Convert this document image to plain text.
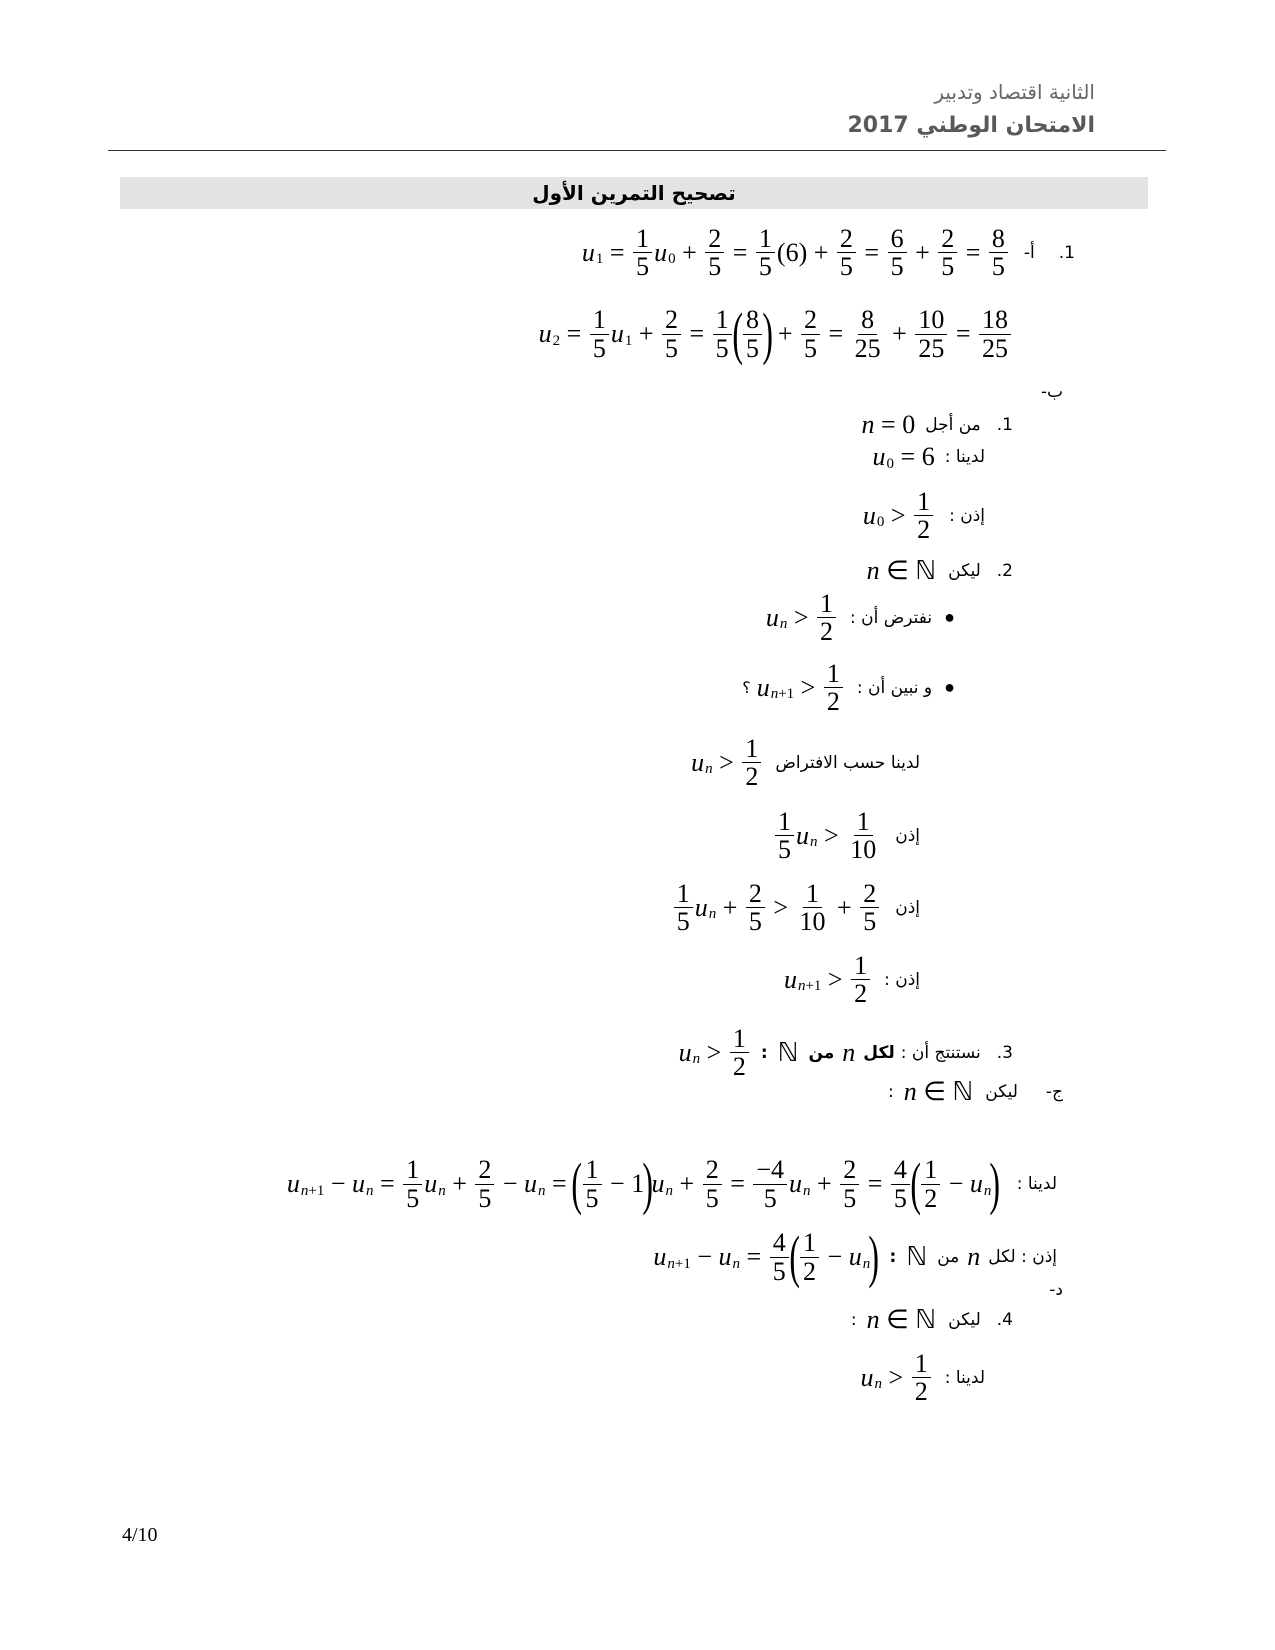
الثانية اقتصاد وتدبير
الامتحان الوطني 2017
تصحيح التمرين الأول
u $1 = \frac{1}{5}$ u $0 + \frac{2}{5} = \frac{1}{5} (6) + \frac{2}{5} = \frac{6}{5} + \frac{2}{5} = \frac{8}{5}$ أ- 1.
u $2 = \frac{1}{5}$ u $1 + \frac{2}{5} = \frac{1}{5}$ ( $\frac{8}{5}$ )
+ $\frac{2}{5} = \frac{8}{25} + \frac{10}{25} = \frac{18}{25}$
ب-
n = 0 من أجل 1.
u 0 = 6 لدينا :
u $0 > \frac{1}{2}$ إذن :
n ∈ ℕ ليكن 2.
u $n > \frac{1}{2}$ نفترض أن : ●
؟ u $n+1 > \frac{1}{2}$ و نبين أن : ●
u $n > \frac{1}{2}$ لدينا حسب الافتراض
$\frac{1}{5}$ u $n > \frac{1}{10}$ إذن
$\frac{1}{5}$ u $n + \frac{2}{5} > \frac{1}{10} + \frac{2}{5}$ إذن
u $n+1 > \frac{1}{2}$ إذن :
u $n > \frac{1}{2}$ : ℕ من n لكل نستنتج أن : 3.
: n ∈ ℕ ليكن ج-
u n+1 − u $n = \frac{1}{5}$ u $n + \frac{2}{5} - u$ n =
( $\frac{1}{5} - 1$
)
u $n + \frac{2}{5} = \frac{-4}{5}$ u $n + \frac{2}{5} = \frac{4}{5}$ ( $\frac{1}{2} - u$ n
) لدينا :
u n+1 − u $n = \frac{4}{5}$ ( $\frac{1}{2} - u$ n
) : ℕ من n إذن : لكل
د-
: n ∈ ℕ ليكن 4.
u $n > \frac{1}{2}$ لدينا :
4/10
